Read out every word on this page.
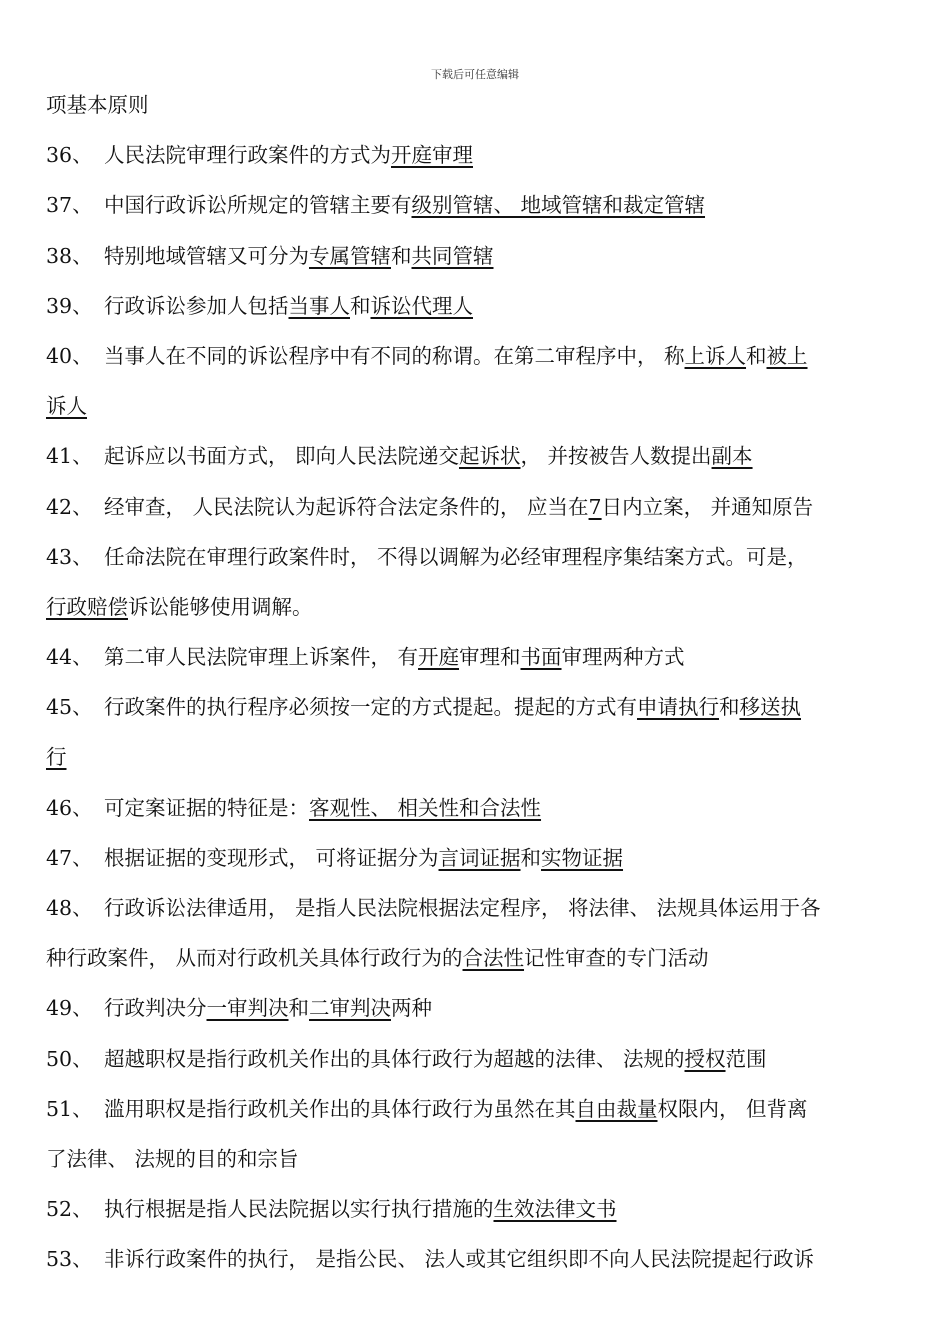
下载后可任意编辑
项基本原则
36、 人民法院审理行政案件的方式为开庭审理
37、 中国行政诉讼所规定的管辖主要有级别管辖、 地域管辖和裁定管辖
38、 特别地域管辖又可分为专属管辖和共同管辖
39、 行政诉讼参加人包括当事人和诉讼代理人
40、 当事人在不同的诉讼程序中有不同的称谓。在第二审程序中， 称上诉人和被上
诉人
41、 起诉应以书面方式， 即向人民法院递交起诉状， 并按被告人数提出副本
42、 经审查， 人民法院认为起诉符合法定条件的， 应当在7日内立案， 并通知原告
43、 任命法院在审理行政案件时， 不得以调解为必经审理程序集结案方式。可是，
行政赔偿诉讼能够使用调解。
44、 第二审人民法院审理上诉案件， 有开庭审理和书面审理两种方式
45、 行政案件的执行程序必须按一定的方式提起。提起的方式有申请执行和移送执
行
46、 可定案证据的特征是：客观性、 相关性和合法性
47、 根据证据的变现形式， 可将证据分为言词证据和实物证据
48、 行政诉讼法律适用， 是指人民法院根据法定程序， 将法律、 法规具体运用于各
种行政案件， 从而对行政机关具体行政行为的合法性记性审查的专门活动
49、 行政判决分一审判决和二审判决两种
50、 超越职权是指行政机关作出的具体行政行为超越的法律、 法规的授权范围
51、 滥用职权是指行政机关作出的具体行政行为虽然在其自由裁量权限内， 但背离
了法律、 法规的目的和宗旨
52、 执行根据是指人民法院据以实行执行措施的生效法律文书
53、 非诉行政案件的执行， 是指公民、 法人或其它组织即不向人民法院提起行政诉
